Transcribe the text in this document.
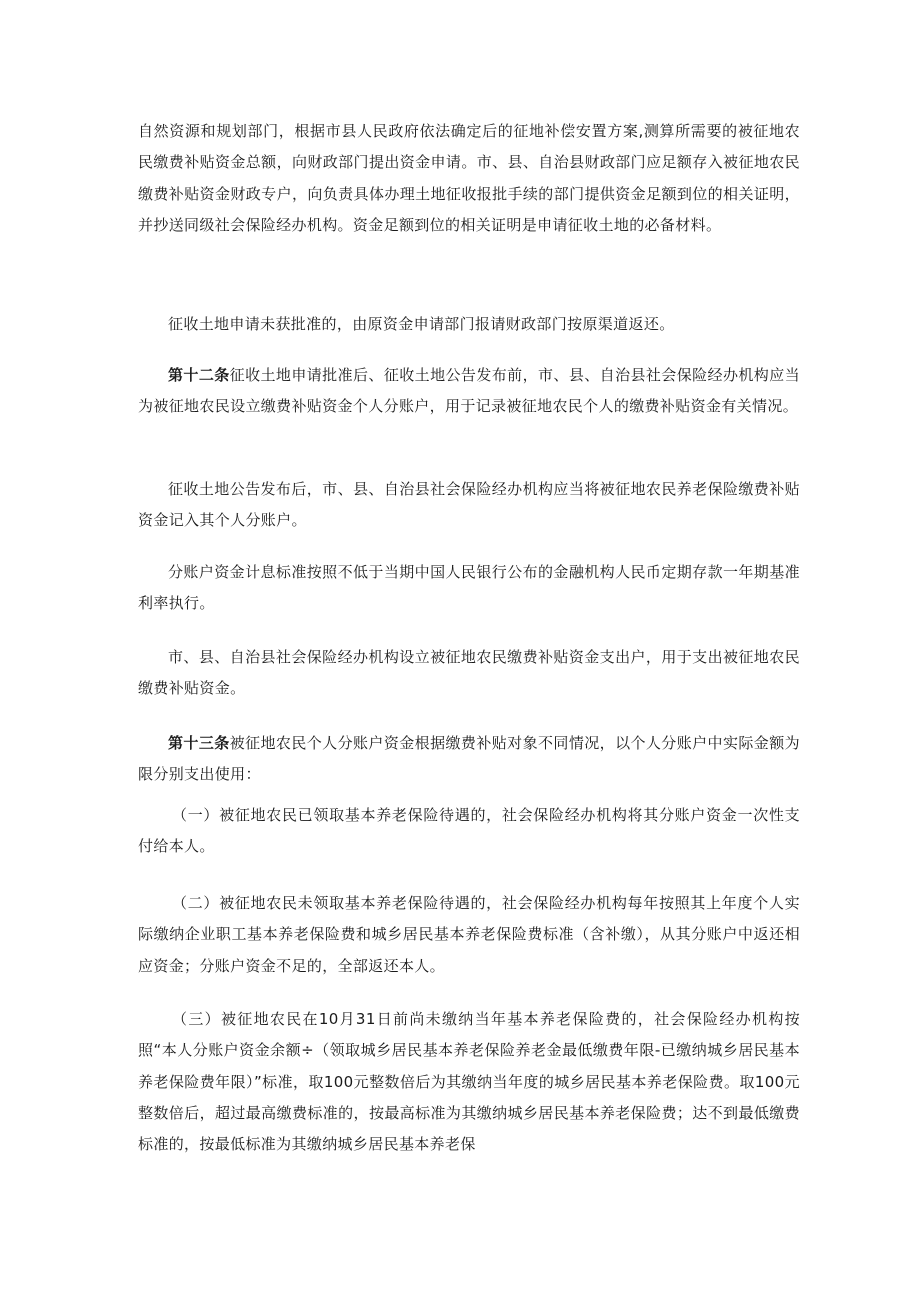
自然资源和规划部门，根据市县人民政府依法确定后的征地补偿安置方案,测算所需要的被征地农民缴费补贴资金总额，向财政部门提出资金申请。市、县、自治县财政部门应足额存入被征地农民缴费补贴资金财政专户，向负责具体办理土地征收报批手续的部门提供资金足额到位的相关证明，并抄送同级社会保险经办机构。资金足额到位的相关证明是申请征收土地的必备材料。

征收土地申请未获批准的，由原资金申请部门报请财政部门按原渠道返还。

第十二条征收土地申请批准后、征收土地公告发布前，市、县、自治县社会保险经办机构应当为被征地农民设立缴费补贴资金个人分账户，用于记录被征地农民个人的缴费补贴资金有关情况。

征收土地公告发布后，市、县、自治县社会保险经办机构应当将被征地农民养老保险缴费补贴资金记入其个人分账户。

分账户资金计息标准按照不低于当期中国人民银行公布的金融机构人民币定期存款一年期基准利率执行。

市、县、自治县社会保险经办机构设立被征地农民缴费补贴资金支出户，用于支出被征地农民缴费补贴资金。

第十三条被征地农民个人分账户资金根据缴费补贴对象不同情况，以个人分账户中实际金额为限分别支出使用：

（一）被征地农民已领取基本养老保险待遇的，社会保险经办机构将其分账户资金一次性支付给本人。

（二）被征地农民未领取基本养老保险待遇的，社会保险经办机构每年按照其上年度个人实际缴纳企业职工基本养老保险费和城乡居民基本养老保险费标准（含补缴），从其分账户中返还相应资金；分账户资金不足的，全部返还本人。

（三）被征地农民在10月31日前尚未缴纳当年基本养老保险费的，社会保险经办机构按照“本人分账户资金余额÷（领取城乡居民基本养老保险养老金最低缴费年限-已缴纳城乡居民基本养老保险费年限）”标准，取100元整数倍后为其缴纳当年度的城乡居民基本养老保险费。取100元整数倍后，超过最高缴费标准的，按最高标准为其缴纳城乡居民基本养老保险费；达不到最低缴费标准的，按最低标准为其缴纳城乡居民基本养老保
